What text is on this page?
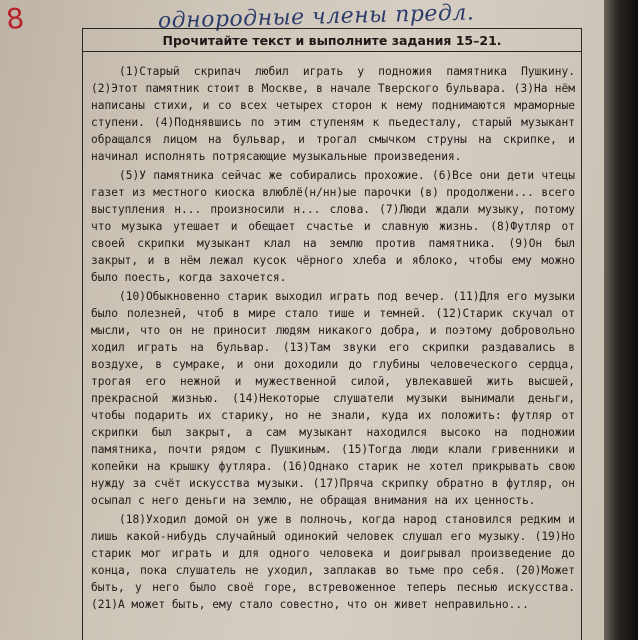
8	однородные члены предл.
Прочитайте текст и выполните задания 15–21.

(1)Старый скрипач любил играть у подножия памятника Пушкину. (2)Этот памятник стоит в Москве, в начале Тверского бульвара. (3)На нём написаны стихи, и со всех четырех сторон к нему поднимаются мраморные ступени. (4)Поднявшись по этим ступеням к пьедесталу, старый музыкант обращался лицом на бульвар, и трогал смычком струны на скрипке, и начинал исполнять потрясающие музыкальные произведения.

(5)У памятника сейчас же собирались прохожие. (6)Все они дети чтецы газет из местного киоска влюблё(н/нн)ые парочки (в) продолжени... всего выступления н... произносили н... слова. (7)Люди ждали музыку, потому что музыка утешает и обещает счастье и славную жизнь. (8)Футляр от своей скрипки музыкант клал на землю против памятника. (9)Он был закрыт, и в нём лежал кусок чёрного хлеба и яблоко, чтобы ему можно было поесть, когда захочется.

(10)Обыкновенно старик выходил играть под вечер. (11)Для его музыки было полезней, чтоб в мире стало тише и темней. (12)Старик скучал от мысли, что он не приносит людям никакого добра, и поэтому добровольно ходил играть на бульвар. (13)Там звуки его скрипки раздавались в воздухе, в сумраке, и они доходили до глубины человеческого сердца, трогая его нежной и мужественной силой, увлекавшей жить высшей, прекрасной жизнью. (14)Некоторые слушатели музыки вынимали деньги, чтобы подарить их старику, но не знали, куда их положить: футляр от скрипки был закрыт, а сам музыкант находился высоко на подножии памятника, почти рядом с Пушкиным. (15)Тогда люди клали гривенники и копейки на крышку футляра. (16)Однако старик не хотел прикрывать свою нужду за счёт искусства музыки. (17)Пряча скрипку обратно в футляр, он осыпал с него деньги на землю, не обращая внимания на их ценность.

(18)Уходил домой он уже в полночь, когда народ становился редким и лишь какой-нибудь случайный одинокий человек слушал его музыку. (19)Но старик мог играть и для одного человека и доигрывал произведение до конца, пока слушатель не уходил, заплакав во тьме про себя. (20)Может быть, у него было своё горе, встревоженное теперь песнью искусства. (21)А может быть, ему стало совестно, что он живет неправильно...
